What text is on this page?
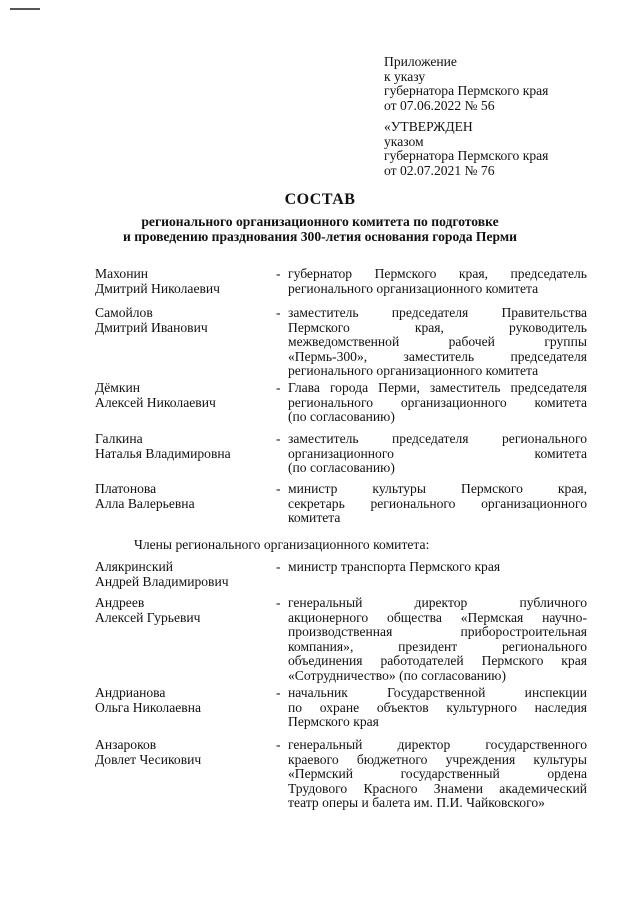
Приложение
к указу
губернатора Пермского края
от 07.06.2022 № 56
«УТВЕРЖДЕН
указом
губернатора Пермского края
от 02.07.2021 № 76
СОСТАВ
регионального организационного комитета по подготовке
и проведению празднования 300-летия основания города Перми
Махонин
Дмитрий Николаевич
- губернатор Пермского края, председатель
регионального организационного комитета
Самойлов
Дмитрий Иванович
- заместитель председателя Правительства
Пермского края, руководитель
межведомственной рабочей группы
«Пермь-300», заместитель председателя
регионального организационного комитета
Дёмкин
Алексей Николаевич
- Глава города Перми, заместитель председателя
регионального организационного комитета
(по согласованию)
Галкина
Наталья Владимировна
- заместитель председателя регионального
организационного комитета
(по согласованию)
Платонова
Алла Валерьевна
- министр культуры Пермского края,
секретарь регионального организационного
комитета
Члены регионального организационного комитета:
Алякринский
Андрей Владимирович
- министр транспорта Пермского края
Андреев
Алексей Гурьевич
- генеральный директор публичного
акционерного общества «Пермская научно-
производственная приборостроительная
компания», президент регионального
объединения работодателей Пермского края
«Сотрудничество» (по согласованию)
Андрианова
Ольга Николаевна
- начальник Государственной инспекции
по охране объектов культурного наследия
Пермского края
Анзароков
Довлет Чесикович
- генеральный директор государственного
краевого бюджетного учреждения культуры
«Пермский государственный ордена
Трудового Красного Знамени академический
театр оперы и балета им. П.И. Чайковского»
